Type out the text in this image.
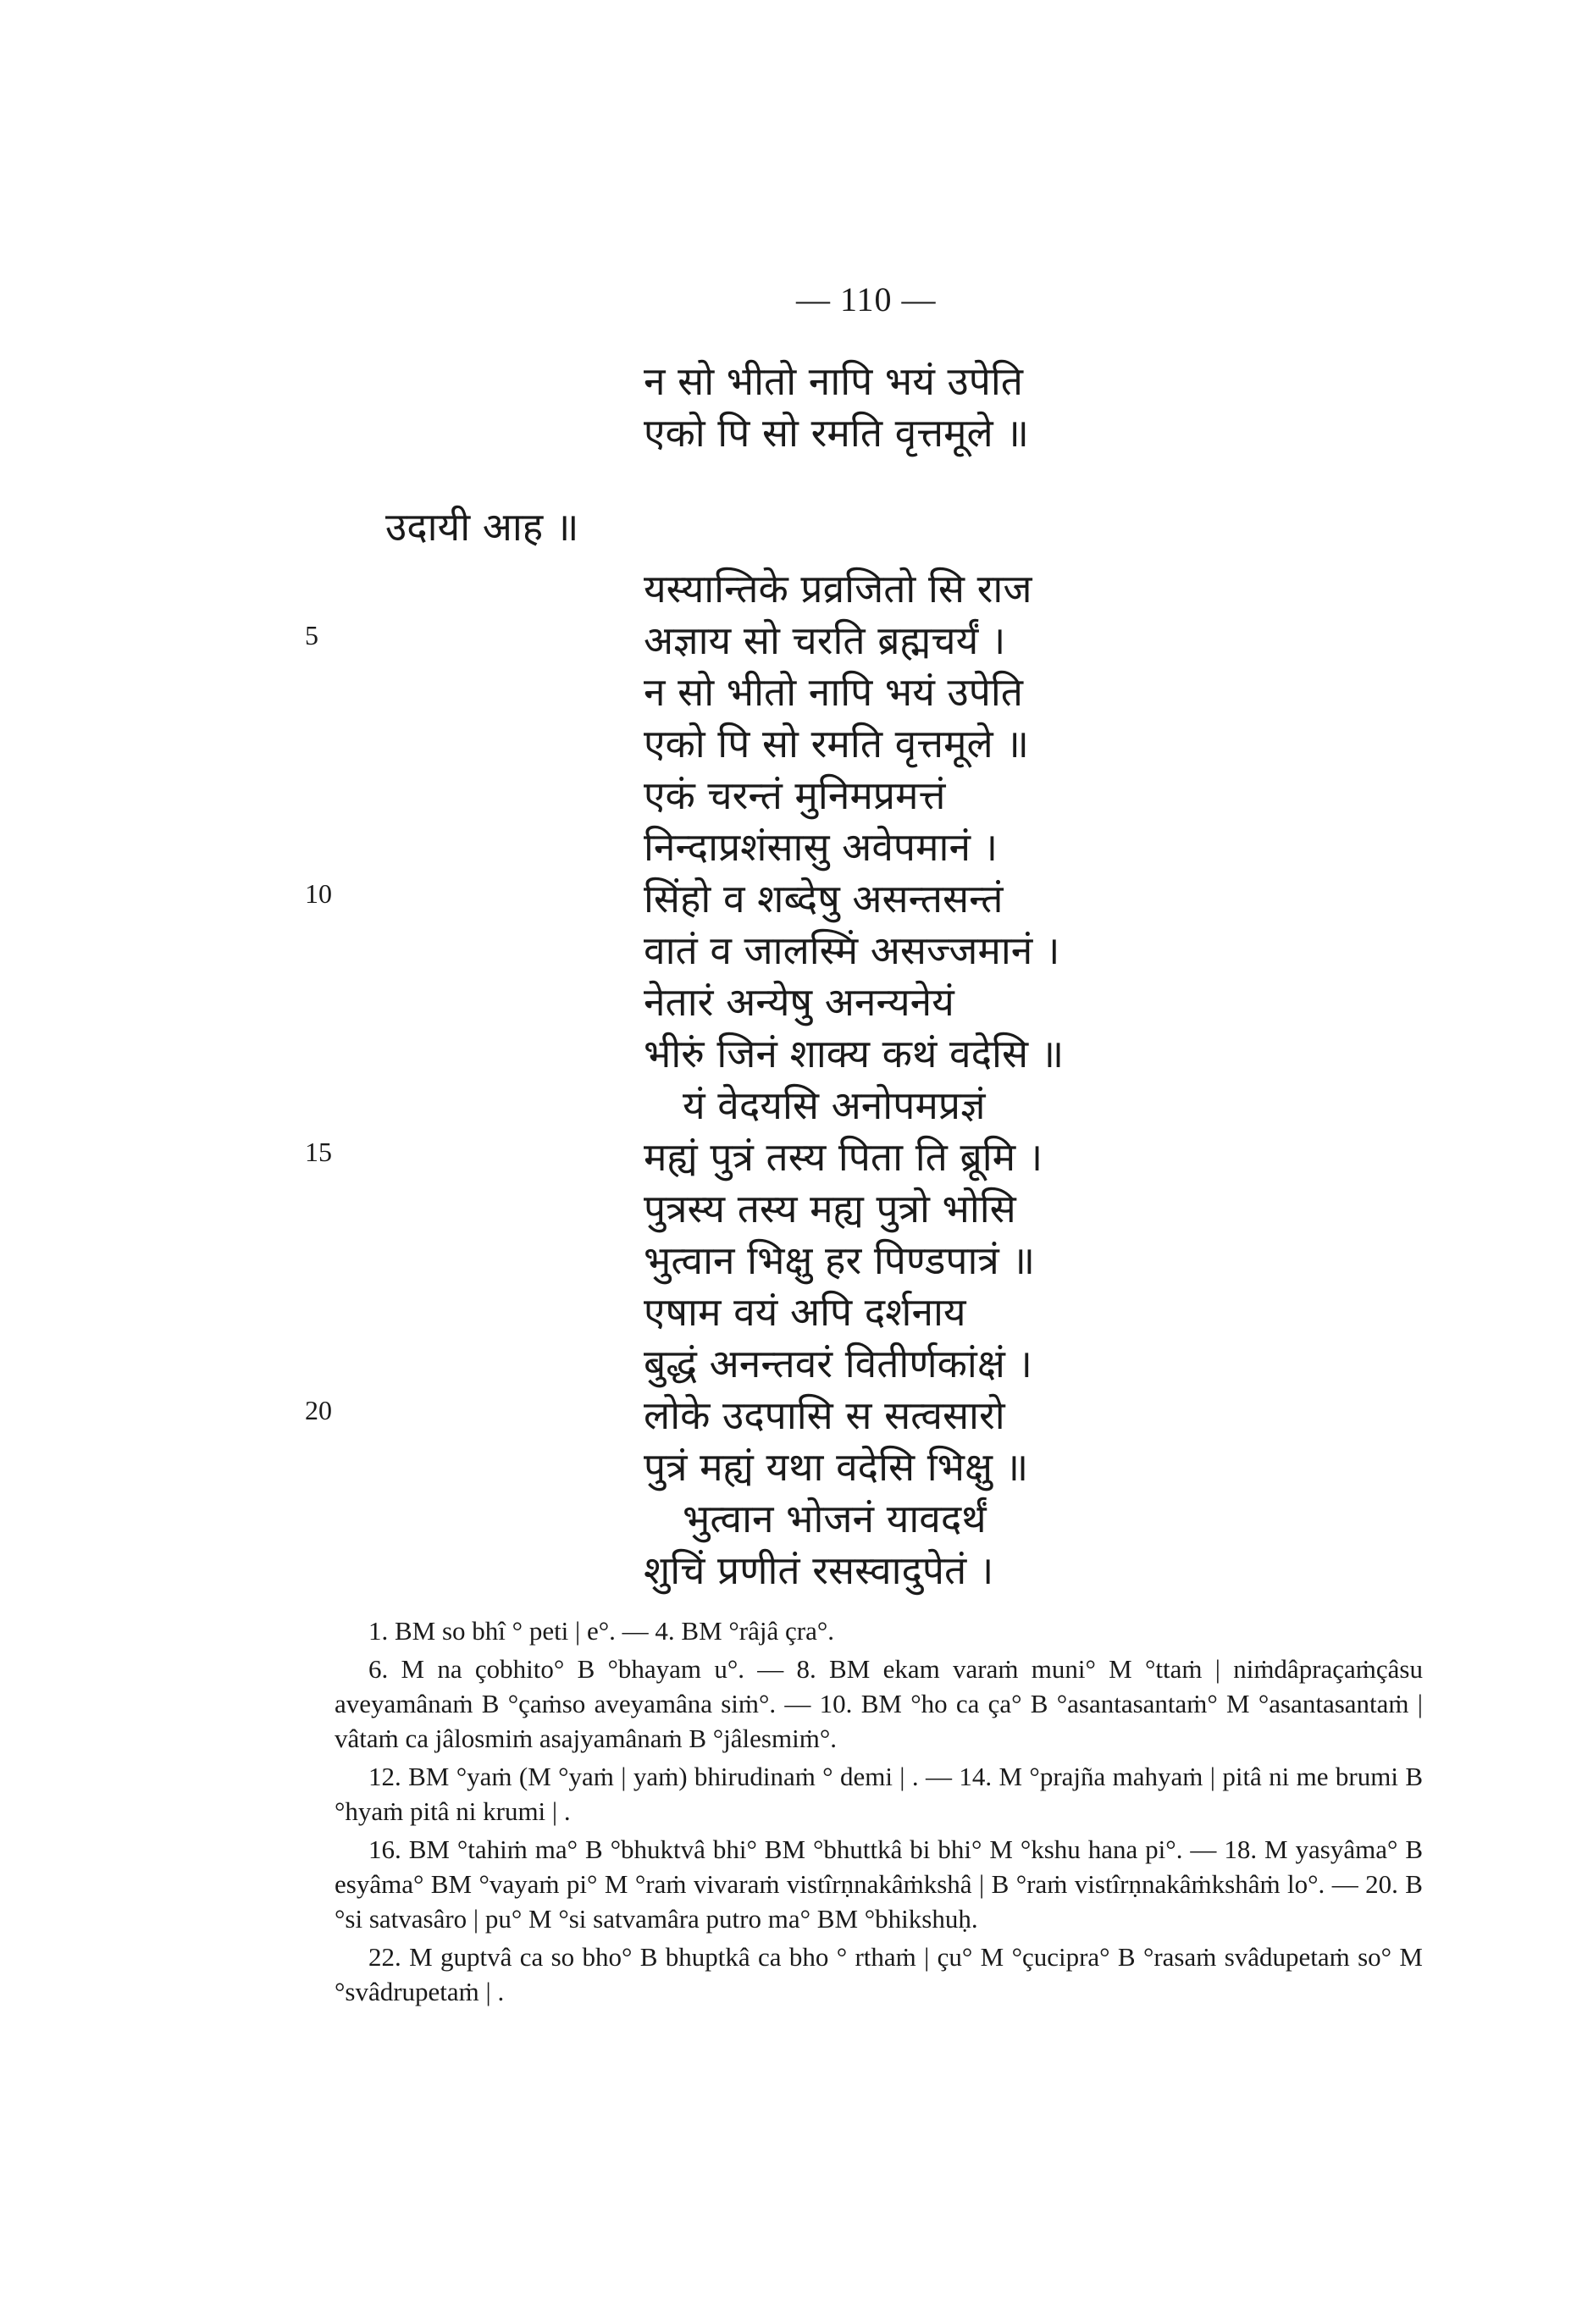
— 110 —
न सो भीतो नापि भयं उपेति
एको पि सो रमति वृत्तमूले ॥
उदायी आह ॥
यस्यान्तिके प्रव्रजितो सि राज
अज्ञाय सो चरति ब्रह्मचर्यं ।
न सो भीतो नापि भयं उपेति
एको पि सो रमति वृत्तमूले ॥
एकं चरन्तं मुनिमप्रमत्तं
निन्दाप्रशंसासु अवेपमानं ।
सिंहो व शब्देषु असन्तसन्तं
वातं व जालस्मिं असज्जमानं ।
नेतारं अन्येषु अनन्यनेयं
भीरुं जिनं शाक्य कथं वदेसि ॥
यं वेदयसि अनोपमप्रज्ञं
मह्यं पुत्रं तस्य पिता ति ब्रूमि ।
पुत्रस्य तस्य मह्य पुत्रो भोसि
भुत्वान भिक्षु हर पिण्डपात्रं ॥
एषाम वयं अपि दर्शनाय
बुद्धं अनन्तवरं वितीर्णकांक्षं ।
लोके उदपासि स सत्वसारो
पुत्रं मह्यं यथा वदेसि भिक्षु ॥
भुत्वान भोजनं यावदर्थं
शुचिं प्रणीतं रसस्वादुपेतं ।
5
10
15
20

1. BM so bhî ° peti | e°. — 4. BM °râjâ çra°.

6. M na çobhito° B °bhayam u°. — 8. BM ekam varaṁ muni° M °ttaṁ | niṁdâpraçaṁçâsu aveyamânaṁ B °çaṁso aveyamâna siṁ°. — 10. BM °ho ca ça° B °asantasantaṁ° M °asantasantaṁ | vâtaṁ ca jâlosmiṁ asajyamânaṁ B °jâlesmiṁ°.

12. BM °yaṁ (M °yaṁ | yaṁ) bhirudinaṁ ° demi | . — 14. M °prajña mahyaṁ | pitâ ni me brumi B °hyaṁ pitâ ni krumi | .

16. BM °tahiṁ ma° B °bhuktvâ bhi° BM °bhuttkâ bi bhi° M °kshu hana pi°. — 18. M yasyâma° B esyâma° BM °vayaṁ pi° M °raṁ vivaraṁ vistîrṇnakâṁkshâ | B °raṁ vistîrṇnakâṁkshâṁ lo°. — 20. B °si satvasâro | pu° M °si satvamâra putro ma° BM °bhikshuḥ.

22. M guptvâ ca so bho° B bhuptkâ ca bho ° rthaṁ | çu° M °çucipra° B °rasaṁ svâdupetaṁ so° M °svâdrupetaṁ | .
